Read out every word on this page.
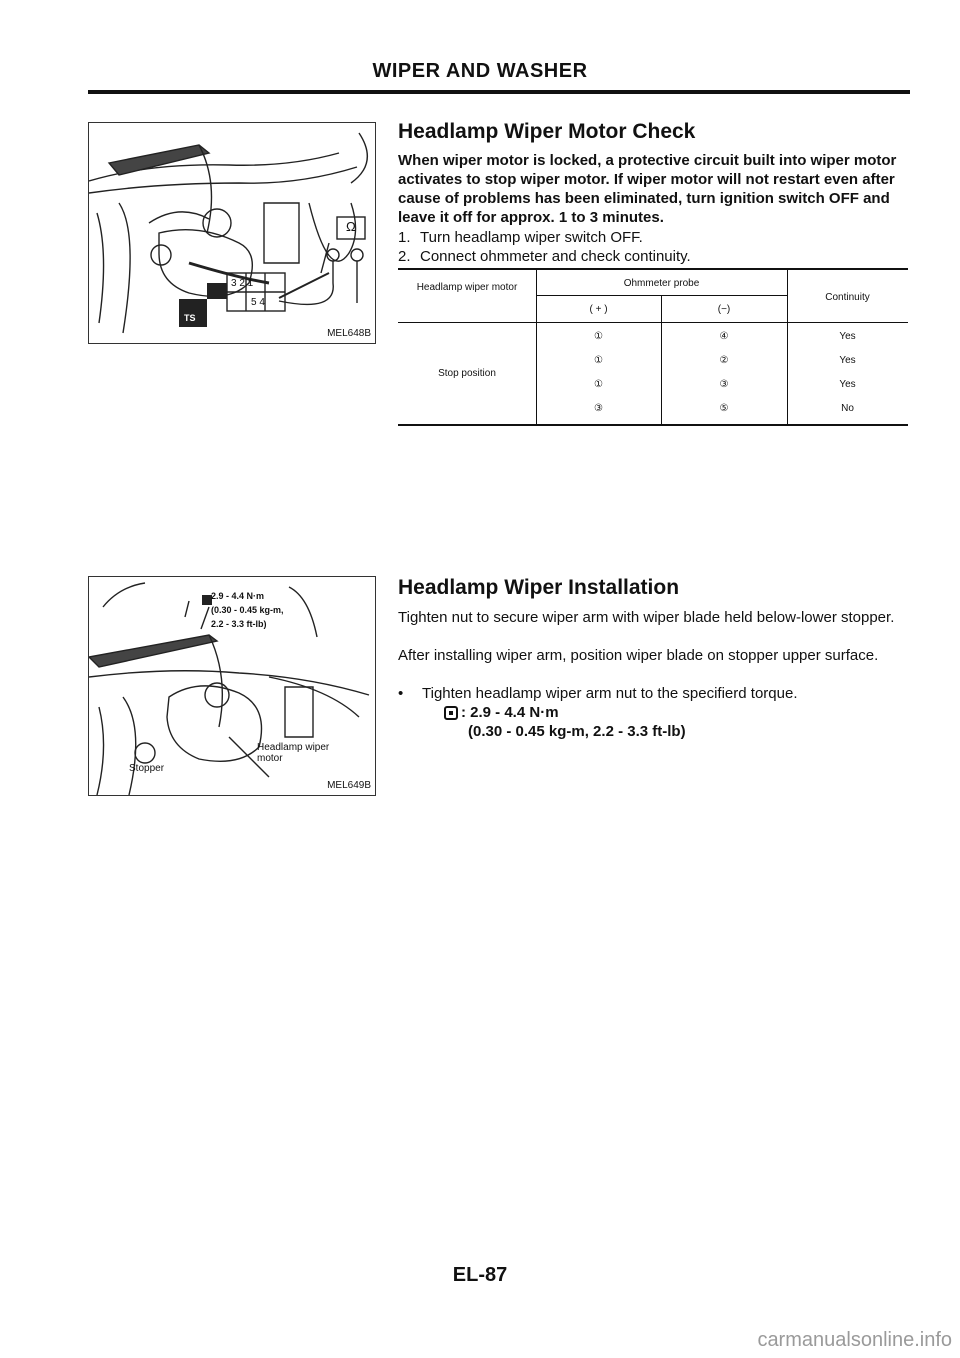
WIPER AND WASHER
3 2 1
5 4
TS
Ω
MEL648B
Headlamp Wiper Motor Check
When wiper motor is locked, a protective circuit built into wiper motor activates to stop wiper motor. If wiper motor will not restart even after cause of problems has been eliminated, turn ignition switch OFF and leave it off for approx. 1 to 3 minutes.
1. Turn headlamp wiper switch OFF.
2. Connect ohmmeter and check continuity.
Headlamp wiper motor	Ohmmeter probe
( + )	(−)
Continuity
Stop position
①	④	Yes
①	②	Yes
①	③	Yes
③	⑤	No
2.9 - 4.4 N·m
(0.30 - 0.45 kg-m,
2.2 - 3.3 ft-lb)
Headlamp wiper motor
Stopper
MEL649B
Headlamp Wiper Installation
Tighten nut to secure wiper arm with wiper blade held below-lower stopper.
After installing wiper arm, position wiper blade on stopper upper surface.
• Tighten headlamp wiper arm nut to the specifierd torque.
: 2.9 - 4.4 N·m
(0.30 - 0.45 kg-m, 2.2 - 3.3 ft-lb)
EL-87
carmanualsonline.info
